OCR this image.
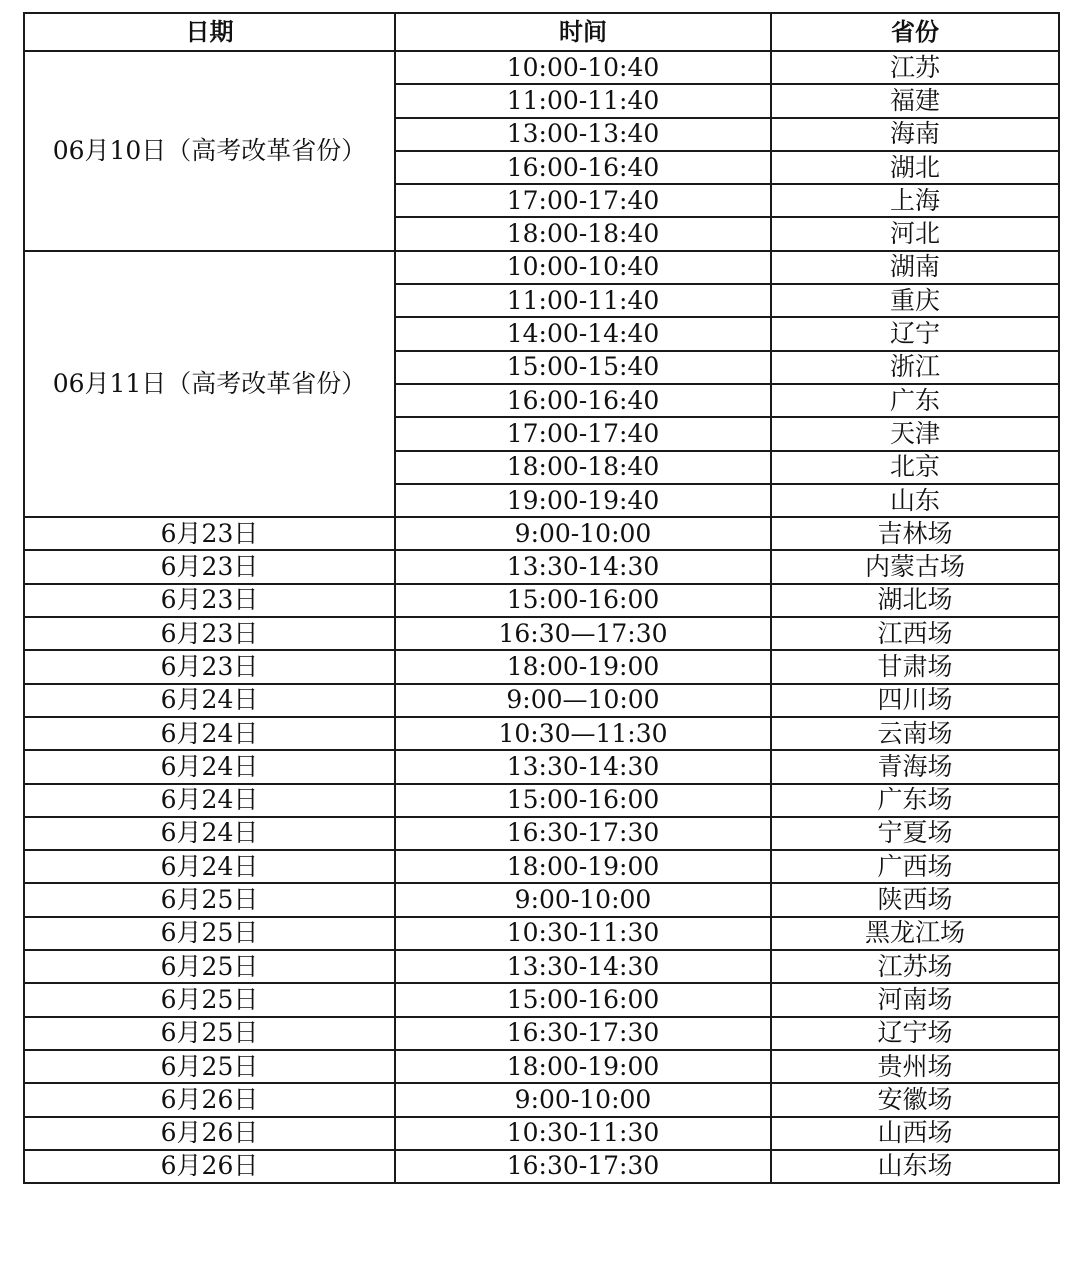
日期	时间	省份
06月10日（高考改革省份）	10:00-10:40	江苏
	11:00-11:40	福建
	13:00-13:40	海南
	16:00-16:40	湖北
	17:00-17:40	上海
	18:00-18:40	河北
06月11日（高考改革省份）	10:00-10:40	湖南
	11:00-11:40	重庆
	14:00-14:40	辽宁
	15:00-15:40	浙江
	16:00-16:40	广东
	17:00-17:40	天津
	18:00-18:40	北京
	19:00-19:40	山东
6月23日	9:00-10:00	吉林场
6月23日	13:30-14:30	内蒙古场
6月23日	15:00-16:00	湖北场
6月23日	16:30—17:30	江西场
6月23日	18:00-19:00	甘肃场
6月24日	9:00—10:00	四川场
6月24日	10:30—11:30	云南场
6月24日	13:30-14:30	青海场
6月24日	15:00-16:00	广东场
6月24日	16:30-17:30	宁夏场
6月24日	18:00-19:00	广西场
6月25日	9:00-10:00	陕西场
6月25日	10:30-11:30	黑龙江场
6月25日	13:30-14:30	江苏场
6月25日	15:00-16:00	河南场
6月25日	16:30-17:30	辽宁场
6月25日	18:00-19:00	贵州场
6月26日	9:00-10:00	安徽场
6月26日	10:30-11:30	山西场
6月26日	16:30-17:30	山东场
